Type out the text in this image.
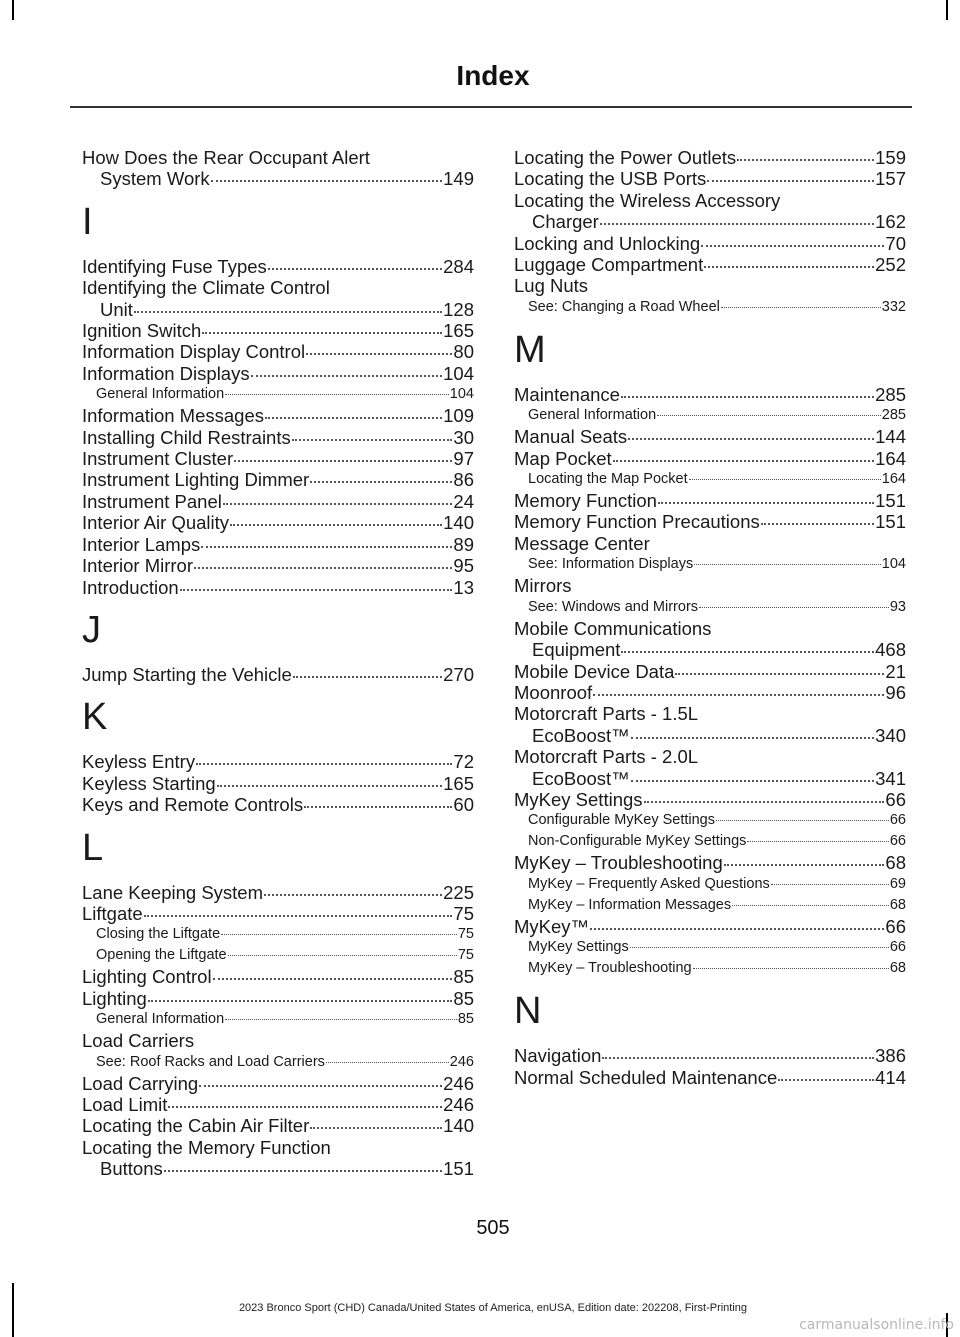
Index
How Does the Rear Occupant Alert
System Work	149
I
Identifying Fuse Types	284
Identifying the Climate Control
Unit	128
Ignition Switch	165
Information Display Control	80
Information Displays	104
General Information	104
Information Messages	109
Installing Child Restraints	30
Instrument Cluster	97
Instrument Lighting Dimmer	86
Instrument Panel	24
Interior Air Quality	140
Interior Lamps	89
Interior Mirror	95
Introduction	13
J
Jump Starting the Vehicle	270
K
Keyless Entry	72
Keyless Starting	165
Keys and Remote Controls	60
L
Lane Keeping System	225
Liftgate	75
Closing the Liftgate	75
Opening the Liftgate	75
Lighting Control	85
Lighting	85
General Information	85
Load Carriers
See: Roof Racks and Load Carriers	246
Load Carrying	246
Load Limit	246
Locating the Cabin Air Filter	140
Locating the Memory Function
Buttons	151
Locating the Power Outlets	159
Locating the USB Ports	157
Locating the Wireless Accessory
Charger	162
Locking and Unlocking	70
Luggage Compartment	252
Lug Nuts
See: Changing a Road Wheel	332
M
Maintenance	285
General Information	285
Manual Seats	144
Map Pocket	164
Locating the Map Pocket	164
Memory Function	151
Memory Function Precautions	151
Message Center
See: Information Displays	104
Mirrors
See: Windows and Mirrors	93
Mobile Communications
Equipment	468
Mobile Device Data	21
Moonroof	96
Motorcraft Parts - 1.5L
EcoBoost™	340
Motorcraft Parts - 2.0L
EcoBoost™	341
MyKey Settings	66
Configurable MyKey Settings	66
Non-Configurable MyKey Settings	66
MyKey – Troubleshooting	68
MyKey – Frequently Asked Questions	69
MyKey – Information Messages	68
MyKey™	66
MyKey Settings	66
MyKey – Troubleshooting	68
N
Navigation	386
Normal Scheduled Maintenance	414
505
2023 Bronco Sport (CHD) Canada/United States of America, enUSA, Edition date: 202208, First-Printing
carmanualsonline.info
